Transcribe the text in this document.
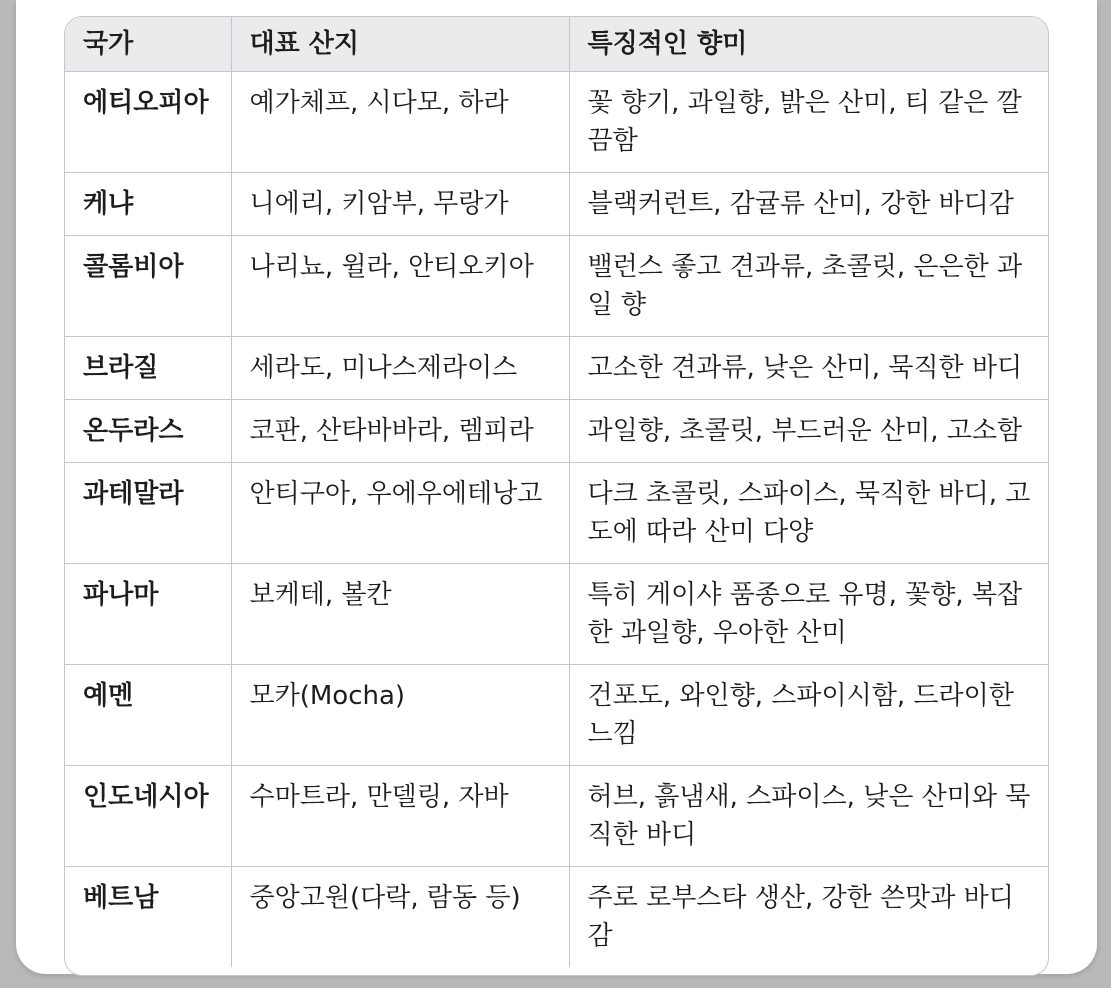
국가	대표 산지	특징적인 향미
에티오피아	예가체프, 시다모, 하라	꽃 향기, 과일향, 밝은 산미, 티 같은 깔끔함
케냐	니에리, 키암부, 무랑가	블랙커런트, 감귤류 산미, 강한 바디감
콜롬비아	나리뇨, 윌라, 안티오키아	밸런스 좋고 견과류, 초콜릿, 은은한 과일 향
브라질	세라도, 미나스제라이스	고소한 견과류, 낮은 산미, 묵직한 바디
온두라스	코판, 산타바바라, 렘피라	과일향, 초콜릿, 부드러운 산미, 고소함
과테말라	안티구아, 우에우에테낭고	다크 초콜릿, 스파이스, 묵직한 바디, 고도에 따라 산미 다양
파나마	보케테, 볼칸	특히 게이샤 품종으로 유명, 꽃향, 복잡한 과일향, 우아한 산미
예멘	모카(Mocha)	건포도, 와인향, 스파이시함, 드라이한 느낌
인도네시아	수마트라, 만델링, 자바	허브, 흙냄새, 스파이스, 낮은 산미와 묵직한 바디
베트남	중앙고원(다락, 람동 등)	주로 로부스타 생산, 강한 쓴맛과 바디감
